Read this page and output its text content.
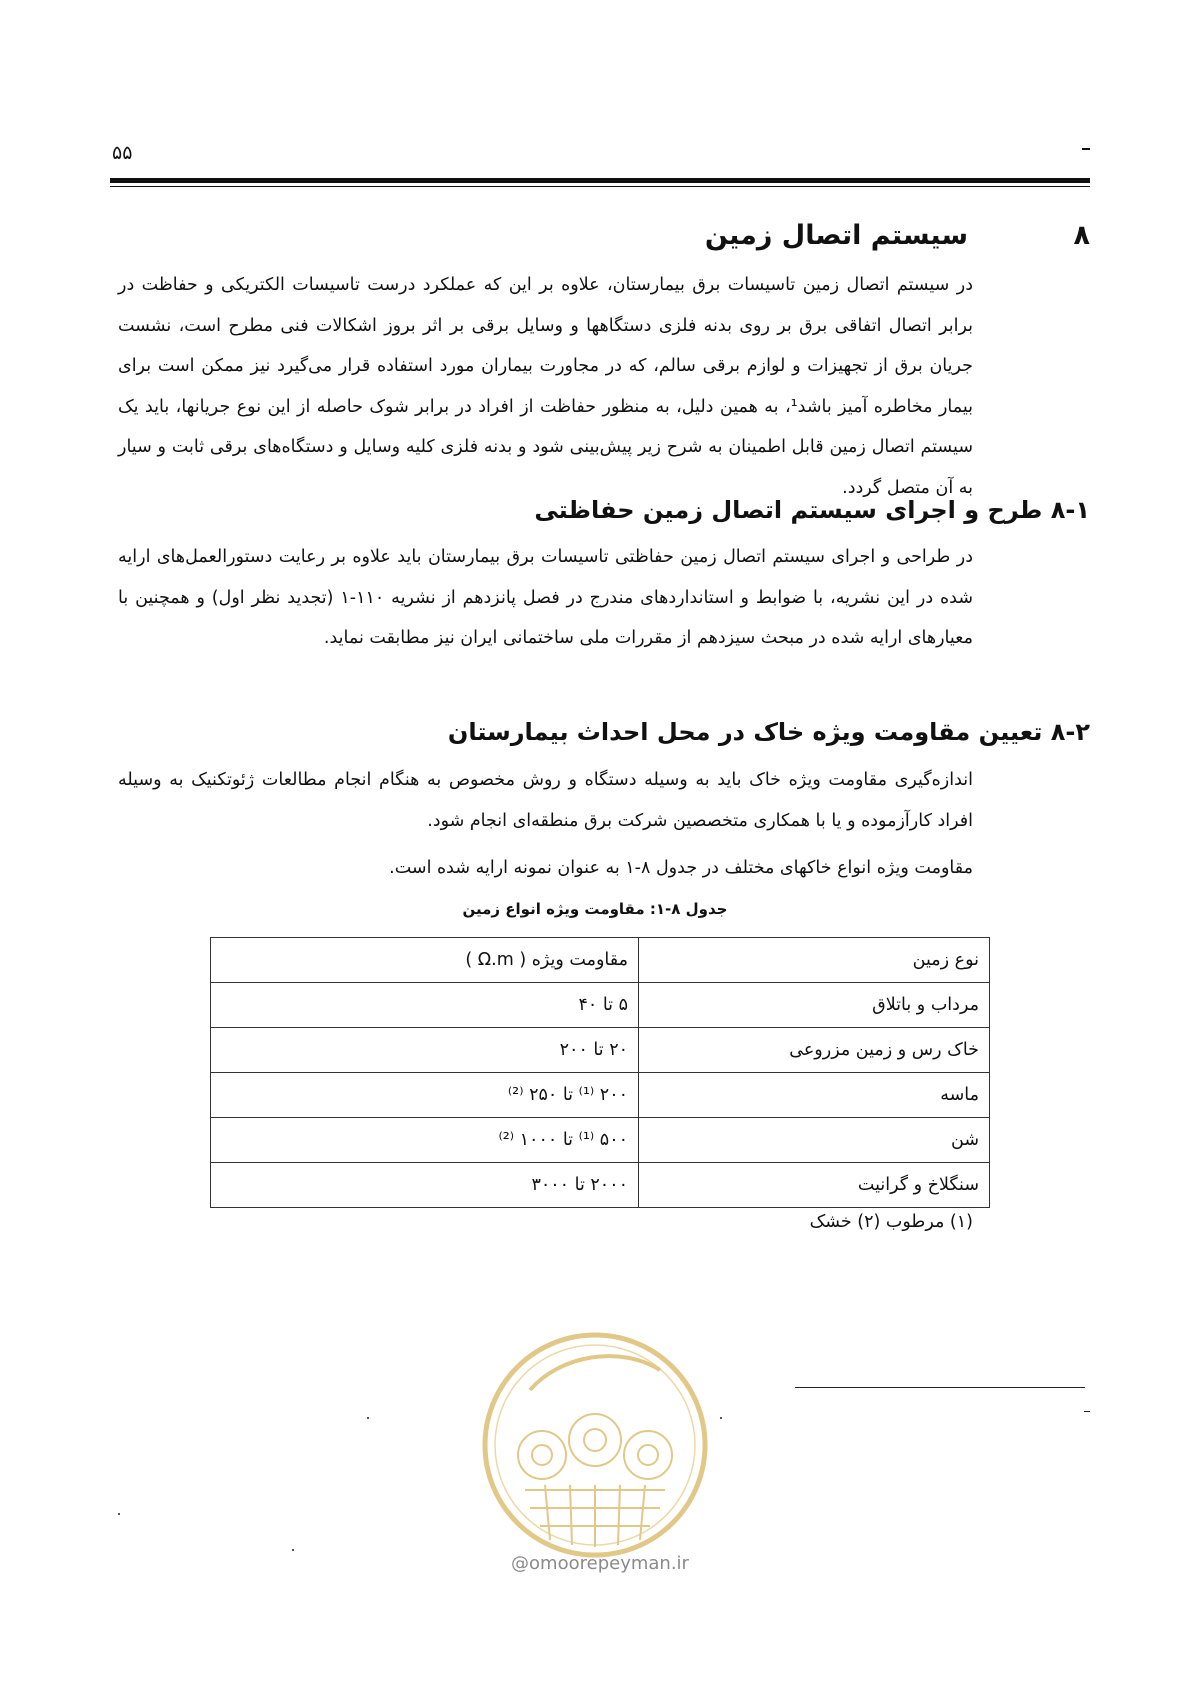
۵۵
۸
سیستم اتصال زمین

در سیستم اتصال زمین تاسیسات برق بیمارستان، علاوه بر این که عملکرد درست تاسیسات الکتریکی و حفاظت در برابر اتصال اتفاقی برق بر روی بدنه فلزی دستگاهها و وسایل برقی بر اثر بروز اشکالات فنی مطرح است، نشست جریان برق از تجهیزات و لوازم برقی سالم، که در مجاورت بیماران مورد استفاده قرار می‌گیرد نیز ممکن است برای بیمار مخاطره آمیز باشد¹، به همین دلیل، به منظور حفاظت از افراد در برابر شوک حاصله از این نوع جریانها، باید یک سیستم اتصال زمین قابل اطمینان به شرح زیر پیش‌بینی شود و بدنه فلزی کلیه وسایل و دستگاه‌های برقی ثابت و سیار به آن متصل گردد.

۸-۱ طرح و اجرای سیستم اتصال زمین حفاظتی

در طراحی و اجرای سیستم اتصال زمین حفاظتی تاسیسات برق بیمارستان باید علاوه بر رعایت دستورالعمل‌های ارایه شده در این نشریه، با ضوابط و استانداردهای مندرج در فصل پانزدهم از نشریه ۱۱۰-۱ (تجدید نظر اول) و همچنین با معیارهای ارایه شده در مبحث سیزدهم از مقررات ملی ساختمانی ایران نیز مطابقت نماید.

۸-۲ تعیین مقاومت ویژه خاک در محل احداث بیمارستان

اندازه‌گیری مقاومت ویژه خاک باید به وسیله دستگاه و روش مخصوص به هنگام انجام مطالعات ژئوتکنیک به وسیله افراد کارآزموده و یا با همکاری متخصصین شرکت برق منطقه‌ای انجام شود.

مقاومت ویژه انواع خاکهای مختلف در جدول ۸-۱ به عنوان نمونه ارایه شده است.

جدول ۸-۱: مقاومت ویژه انواع زمین
نوع زمین	مقاومت ویژه ( Ω.m )
مرداب و باتلاق	۵ تا ۴۰
خاک رس و زمین مزروعی	۲۰ تا ۲۰۰
ماسه	۲۰۰ ⁽¹⁾ تا ۲۵۰ ⁽²⁾
شن	۵۰۰ ⁽¹⁾ تا ۱۰۰۰ ⁽²⁾
سنگلاخ و گرانیت	۲۰۰۰ تا ۳۰۰۰
(۱) مرطوب (۲) خشک
@omoorepeyman.ir
